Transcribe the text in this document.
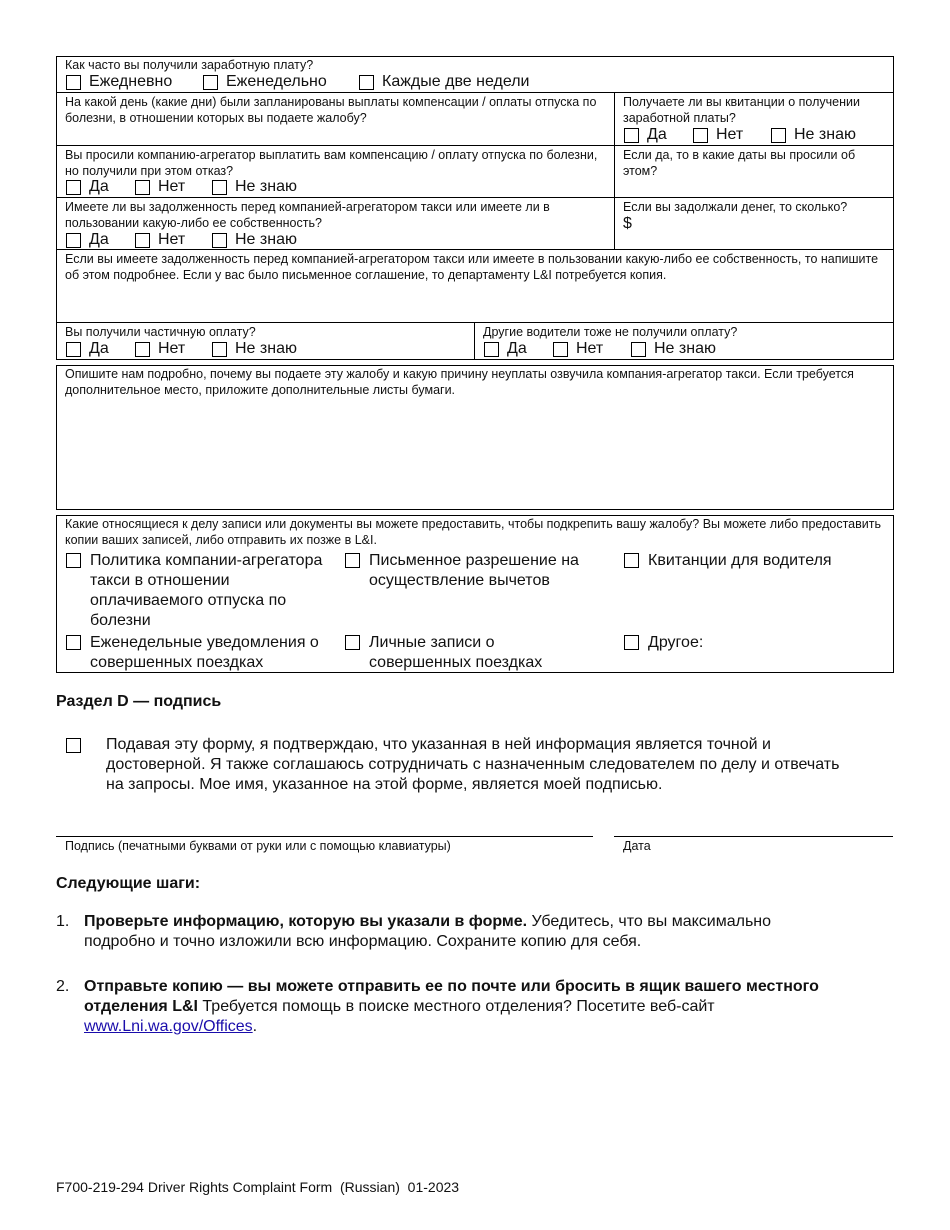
Как часто вы получили заработную плату?
Ежедневно	Еженедельно	Каждые две недели
На какой день (какие дни) были запланированы выплаты компенсации / оплаты отпуска по болезни, в отношении которых вы подаете жалобу?
Получаете ли вы квитанции о получении заработной платы?
Да	Нет	Не знаю
Вы просили компанию-агрегатор выплатить вам компенсацию / оплату отпуска по болезни, но получили при этом отказ?
Да	Нет	Не знаю
Если да, то в какие даты вы просили об этом?
Имеете ли вы задолженность перед компанией-агрегатором такси или имеете ли в пользовании какую-либо ее собственность?
Да	Нет	Не знаю
Если вы задолжали денег, то сколько?
$
Если вы имеете задолженность перед компанией-агрегатором такси или имеете в пользовании какую-либо ее собственность, то напишите об этом подробнее. Если у вас было письменное соглашение, то департаменту L&I потребуется копия.
Вы получили частичную оплату?
Да	Нет	Не знаю
Другие водители тоже не получили оплату?
Да	Нет	Не знаю
Опишите нам подробно, почему вы подаете эту жалобу и какую причину неуплаты озвучила компания-агрегатор такси. Если требуется дополнительное место, приложите дополнительные листы бумаги.
Какие относящиеся к делу записи или документы вы можете предоставить, чтобы подкрепить вашу жалобу? Вы можете либо предоставить копии ваших записей, либо отправить их позже в L&I.
Политика компании-агрегатора такси в отношении оплачиваемого отпуска по болезни
Письменное разрешение на осуществление вычетов
Квитанции для водителя
Еженедельные уведомления о совершенных поездках
Личные записи о совершенных поездках
Другое:
Раздел D — подпись
Подавая эту форму, я подтверждаю, что указанная в ней информация является точной и достоверной. Я также соглашаюсь сотрудничать с назначенным следователем по делу и отвечать на запросы. Мое имя, указанное на этой форме, является моей подписью.
Подпись (печатными буквами от руки или с помощью клавиатуры)	Дата
Следующие шаги:
1. Проверьте информацию, которую вы указали в форме. Убедитесь, что вы максимально подробно и точно изложили всю информацию. Сохраните копию для себя.
2. Отправьте копию — вы можете отправить ее по почте или бросить в ящик вашего местного отделения L&I Требуется помощь в поиске местного отделения? Посетите веб-сайт www.Lni.wa.gov/Offices.
F700-219-294 Driver Rights Complaint Form  (Russian)  01-2023
